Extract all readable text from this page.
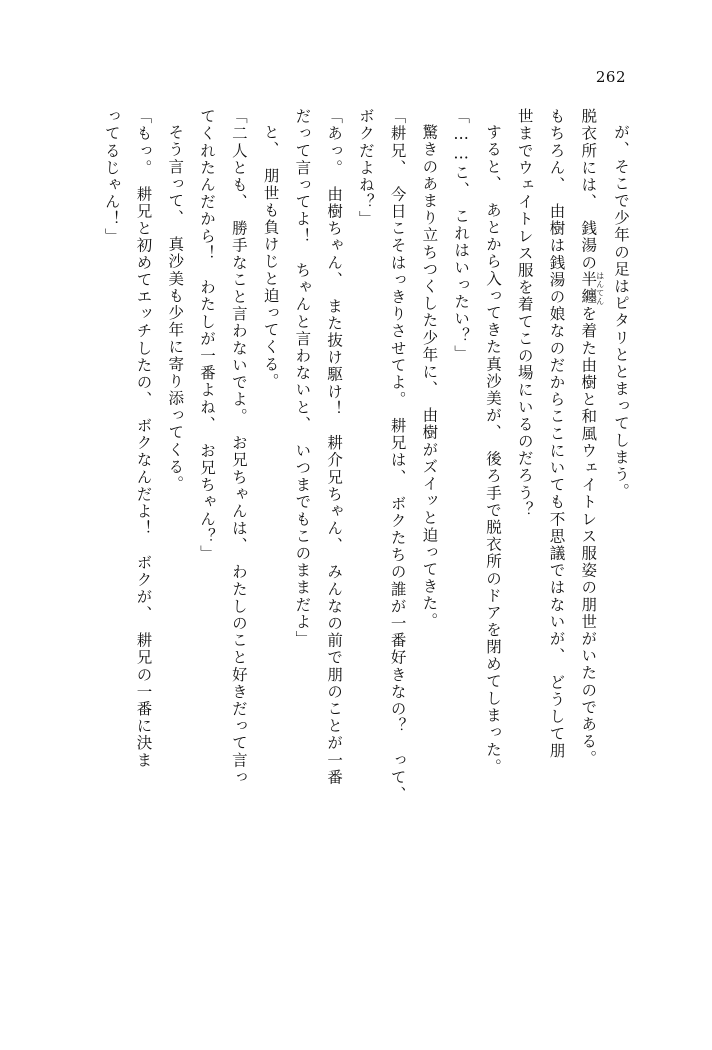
262
が、そこで少年の足はピタリととまってしまう。
脱衣所には、　銭湯の半纏はんてんを着た由樹と和風ウェイトレス服姿の朋世がいたのである。
もちろん、　由樹は銭湯の娘なのだからここにいても不思議ではないが、　どうして朋
世までウェイトレス服を着てこの場にいるのだろう？
すると、　あとから入ってきた真沙美が、　後ろ手で脱衣所のドアを閉めてしまった。
「……こ、　これはいったい？」
驚きのあまり立ちつくした少年に、　由樹がズイッと迫ってきた。
「耕兄、　今日こそはっきりさせてよ。　耕兄は、　ボクたちの誰が一番好きなの？　って、
ボクだよね？」
「あっ。　由樹ちゃん、　また抜け駆け！　耕介兄ちゃん、　みんなの前で朋のことが一番
だって言ってよ！　ちゃんと言わないと、　いつまでもこのままだよ」
と、　朋世も負けじと迫ってくる。
「二人とも、　勝手なこと言わないでよ。　お兄ちゃんは、　わたしのこと好きだって言っ
てくれたんだから！　わたしが一番よね、　お兄ちゃん？」
そう言って、　真沙美も少年に寄り添ってくる。
「もっ。　耕兄と初めてエッチしたの、　ボクなんだよ！　ボクが、　耕兄の一番に決ま
ってるじゃん！」
